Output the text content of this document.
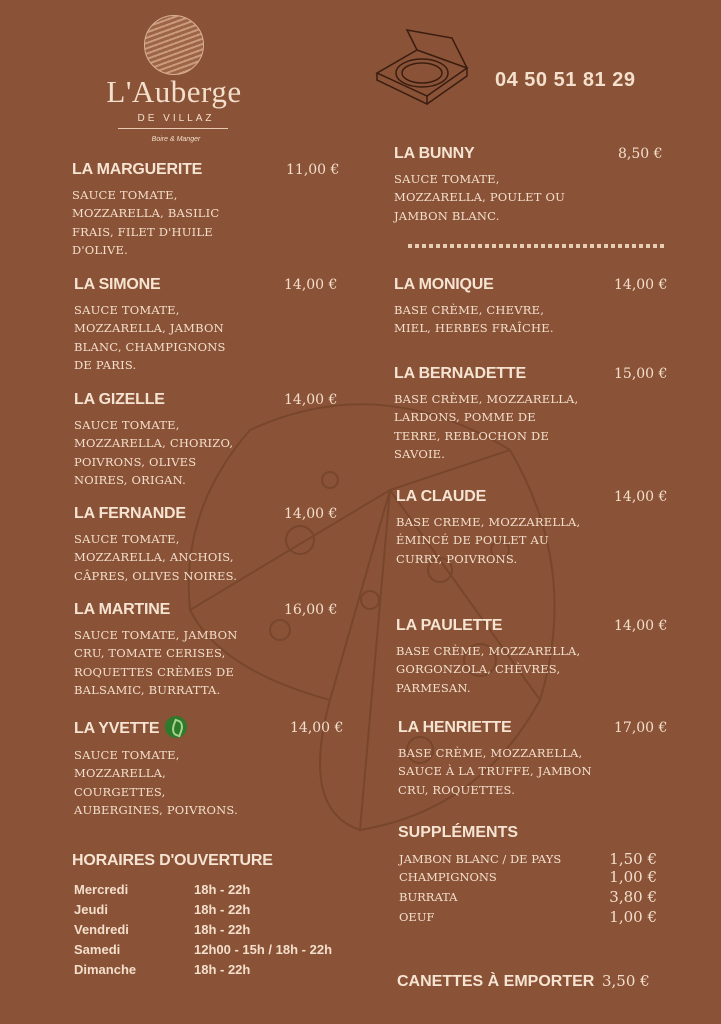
L'Auberge
DE VILLAZ
Boire & Manger
04 50 51 81 29
LA MARGUERITE	11,00 €
SAUCE TOMATE, MOZZARELLA, BASILIC FRAIS, FILET D'HUILE D'OLIVE.
LA SIMONE	14,00 €
SAUCE TOMATE, MOZZARELLA, JAMBON BLANC, CHAMPIGNONS DE PARIS.
LA GIZELLE	14,00 €
SAUCE TOMATE, MOZZARELLA, CHORIZO, POIVRONS, OLIVES NOIRES, ORIGAN.
LA FERNANDE	14,00 €
SAUCE TOMATE, MOZZARELLA, ANCHOIS, CÂPRES, OLIVES NOIRES.
LA MARTINE	16,00 €
SAUCE TOMATE, JAMBON CRU, TOMATE CERISES, ROQUETTES CRÈMES DE BALSAMIC, BURRATTA.
LA YVETTE	14,00 €
SAUCE TOMATE, MOZZARELLA, COURGETTES, AUBERGINES, POIVRONS.
LA BUNNY	8,50 €
SAUCE TOMATE, MOZZARELLA, POULET OU JAMBON BLANC.
LA MONIQUE	14,00 €
BASE CRÈME, CHEVRE, MIEL, HERBES FRAÎCHE.
LA BERNADETTE	15,00 €
BASE CRÈME, MOZZARELLA, LARDONS, POMME DE TERRE, REBLOCHON DE SAVOIE.
LA CLAUDE	14,00 €
BASE CREME, MOZZARELLA, ÉMINCÉ DE POULET AU CURRY, POIVRONS.
LA PAULETTE	14,00 €
BASE CRÈME, MOZZARELLA, GORGONZOLA, CHÈVRES, PARMESAN.
LA HENRIETTE	17,00 €
BASE CRÈME, MOZZARELLA, SAUCE À LA TRUFFE, JAMBON CRU, ROQUETTES.
HORAIRES D'OUVERTURE
Mercredi	18h - 22h
Jeudi	18h - 22h
Vendredi	18h - 22h
Samedi	12h00 - 15h / 18h - 22h
Dimanche	18h - 22h
SUPPLÉMENTS
JAMBON BLANC / DE PAYS	1,50 €
CHAMPIGNONS	1,00 €
BURRATA	3,80 €
OEUF	1,00 €
CANETTES À EMPORTER 3,50 €
